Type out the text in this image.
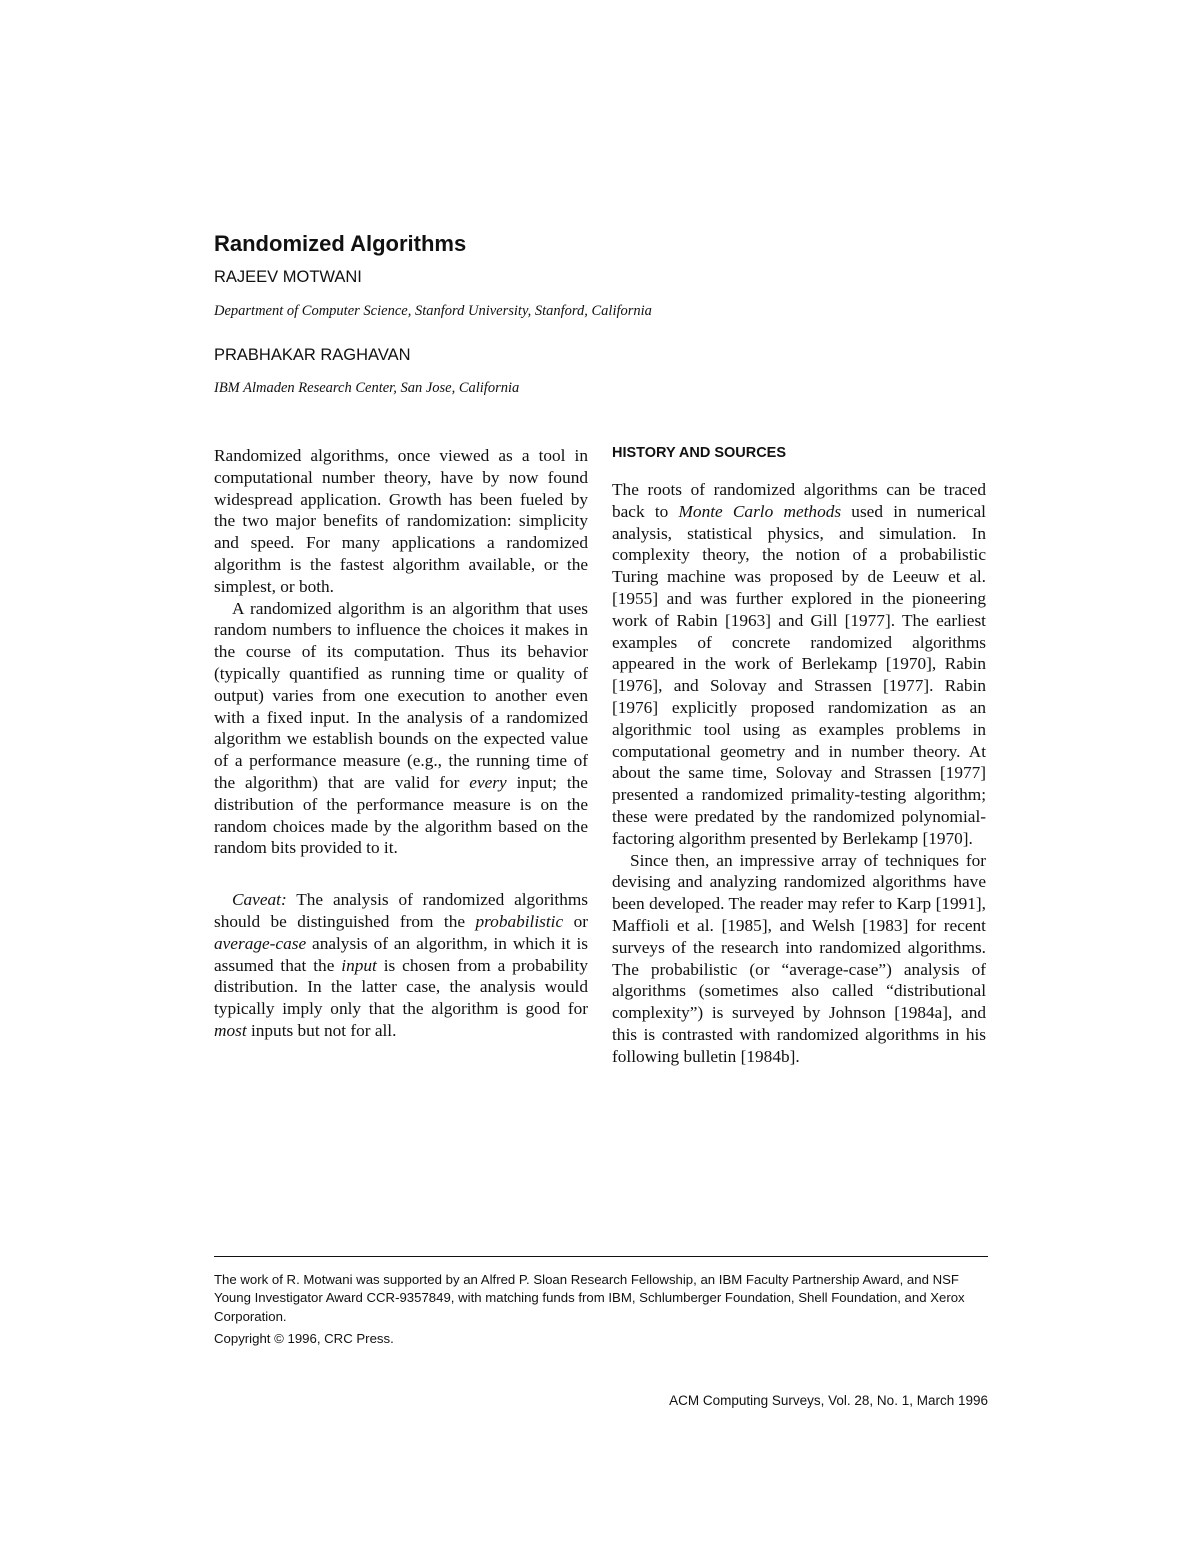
Randomized Algorithms
RAJEEV MOTWANI
Department of Computer Science, Stanford University, Stanford, California
PRABHAKAR RAGHAVAN
IBM Almaden Research Center, San Jose, California

Randomized algorithms, once viewed as a tool in computational number theory, have by now found widespread application. Growth has been fueled by the two major benefits of randomization: simplicity and speed. For many applications a randomized algorithm is the fastest algorithm available, or the simplest, or both.

A randomized algorithm is an algorithm that uses random numbers to influence the choices it makes in the course of its computation. Thus its behavior (typically quantified as running time or quality of output) varies from one execution to another even with a fixed input. In the analysis of a randomized algorithm we establish bounds on the expected value of a performance measure (e.g., the running time of the algorithm) that are valid for every input; the distribution of the performance measure is on the random choices made by the algorithm based on the random bits provided to it.

Caveat: The analysis of randomized algorithms should be distinguished from the probabilistic or average-case analysis of an algorithm, in which it is assumed that the input is chosen from a probability distribution. In the latter case, the analysis would typically imply only that the algorithm is good for most inputs but not for all.

HISTORY AND SOURCES

The roots of randomized algorithms can be traced back to Monte Carlo methods used in numerical analysis, statistical physics, and simulation. In complexity theory, the notion of a probabilistic Turing machine was proposed by de Leeuw et al. [1955] and was further explored in the pioneering work of Rabin [1963] and Gill [1977]. The earliest examples of concrete randomized algorithms appeared in the work of Berlekamp [1970], Rabin [1976], and Solovay and Strassen [1977]. Rabin [1976] explicitly proposed randomization as an algorithmic tool using as examples problems in computational geometry and in number theory. At about the same time, Solovay and Strassen [1977] presented a randomized primality-testing algorithm; these were predated by the randomized polynomial-factoring algorithm presented by Berlekamp [1970].

Since then, an impressive array of techniques for devising and analyzing randomized algorithms have been developed. The reader may refer to Karp [1991], Maffioli et al. [1985], and Welsh [1983] for recent surveys of the research into randomized algorithms. The probabilistic (or “average-case”) analysis of algorithms (sometimes also called “distributional complexity”) is surveyed by Johnson [1984a], and this is contrasted with randomized algorithms in his following bulletin [1984b].

The work of R. Motwani was supported by an Alfred P. Sloan Research Fellowship, an IBM Faculty Partnership Award, and NSF Young Investigator Award CCR-9357849, with matching funds from IBM, Schlumberger Foundation, Shell Foundation, and Xerox Corporation.

Copyright © 1996, CRC Press.

ACM Computing Surveys, Vol. 28, No. 1, March 1996
